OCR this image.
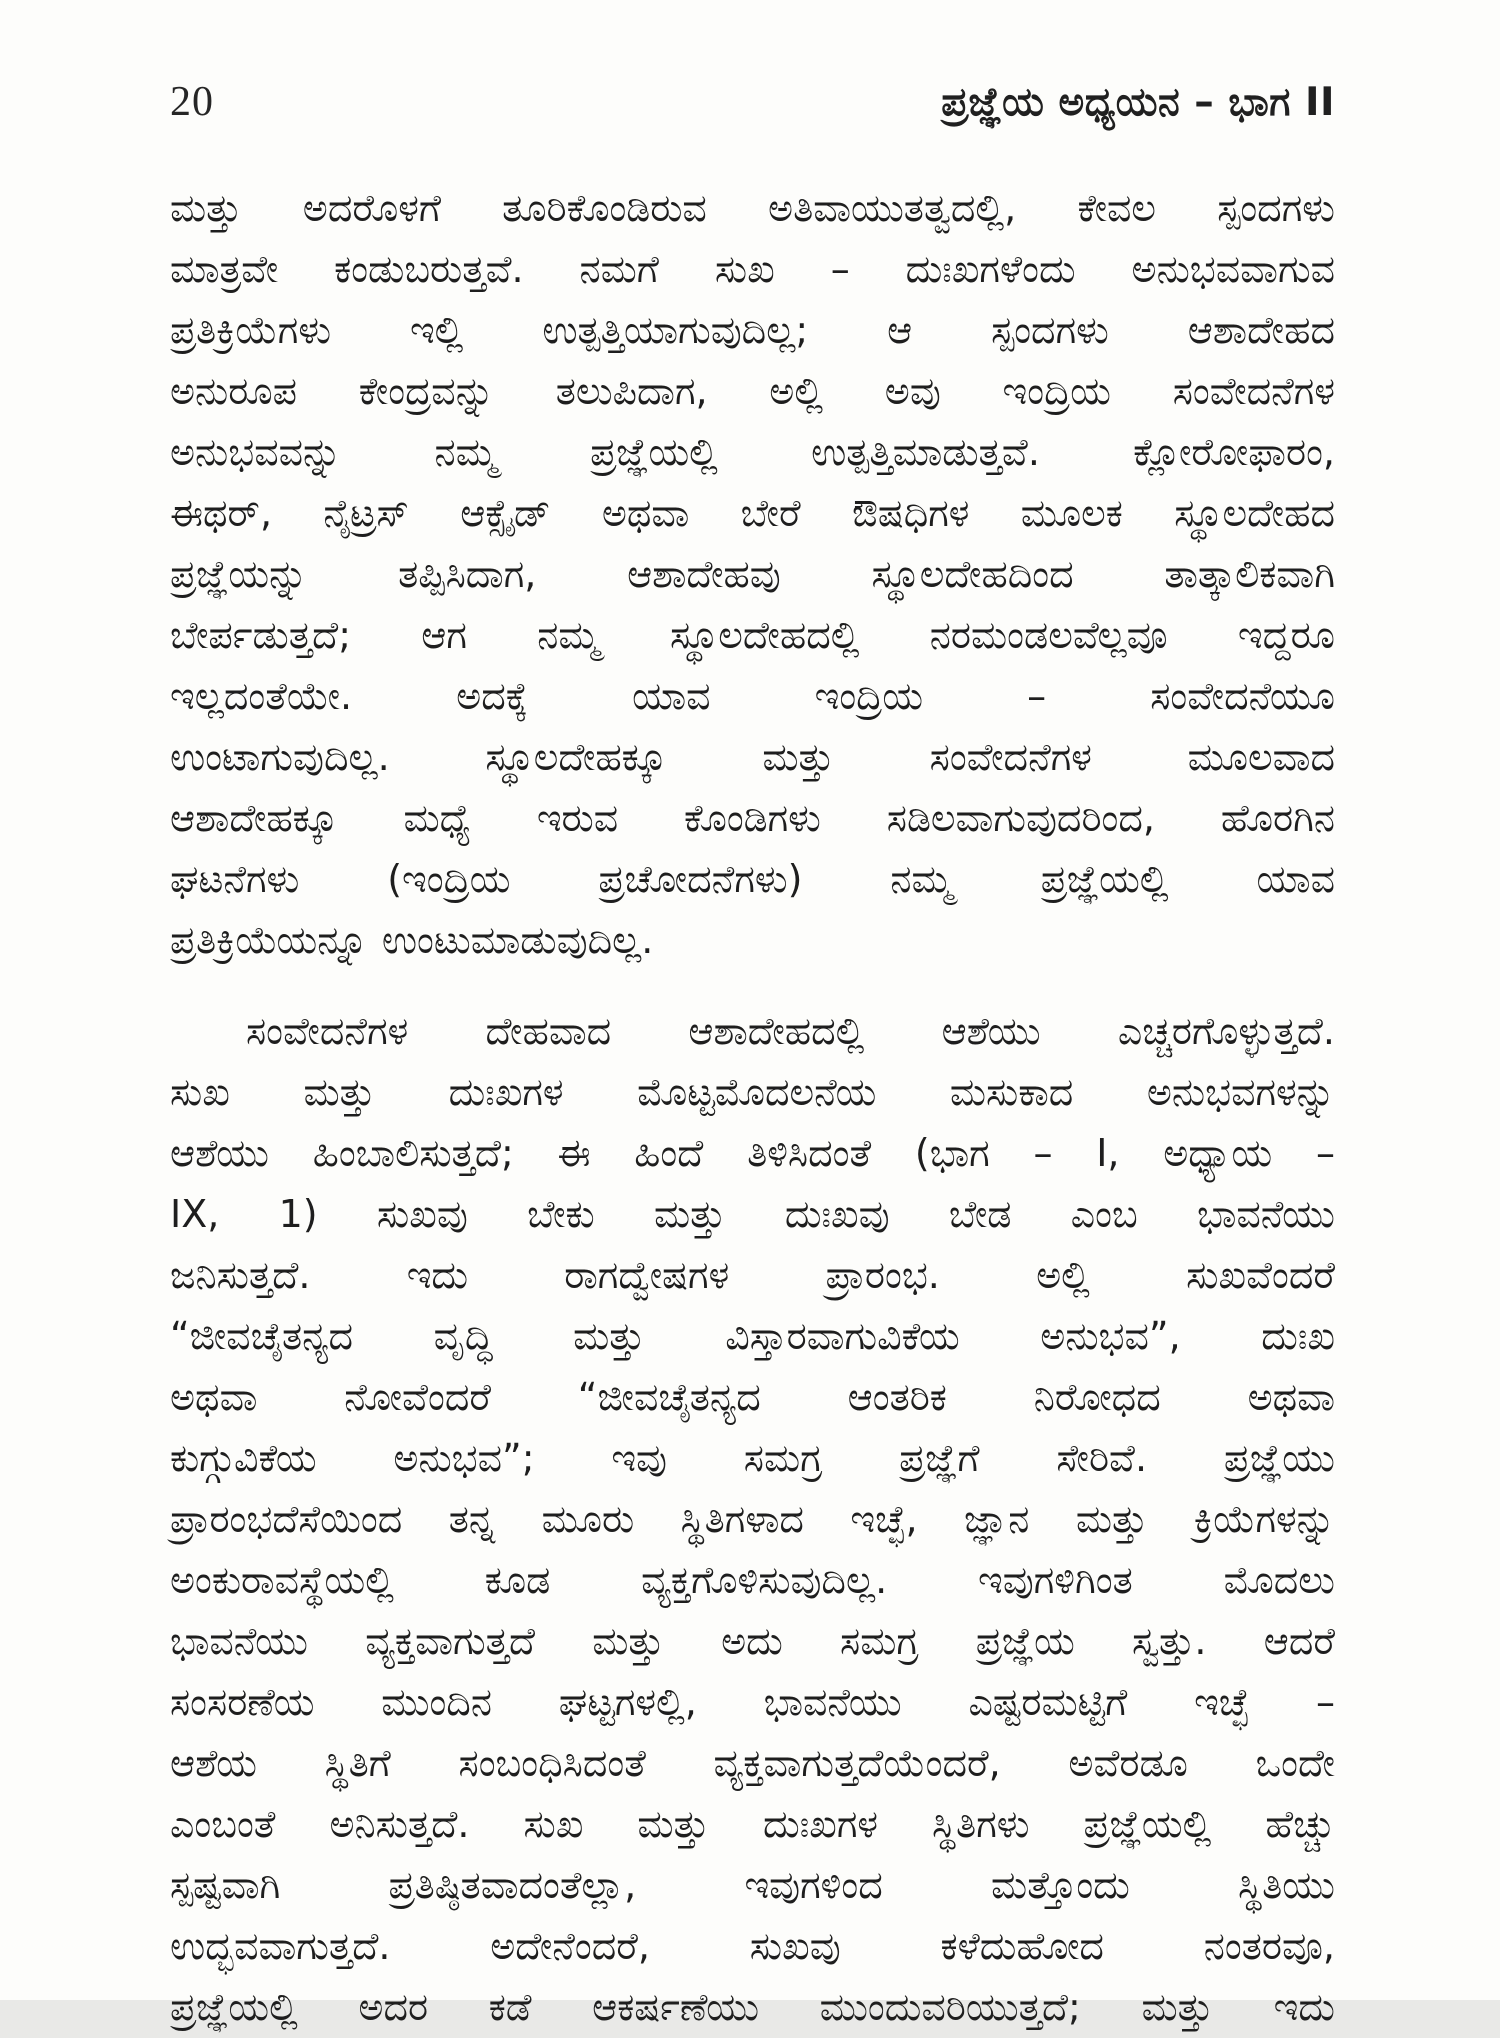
20	ಪ್ರಜ್ಞೆಯ ಅಧ್ಯಯನ – ಭಾಗ II
ಮತ್ತು ಅದರೊಳಗೆ ತೂರಿಕೊಂಡಿರುವ ಅತಿವಾಯುತತ್ವದಲ್ಲಿ, ಕೇವಲ ಸ್ಪಂದಗಳು
ಮಾತ್ರವೇ ಕಂಡುಬರುತ್ತವೆ. ನಮಗೆ ಸುಖ – ದುಃಖಗಳೆಂದು ಅನುಭವವಾಗುವ
ಪ್ರತಿಕ್ರಿಯೆಗಳು ಇಲ್ಲಿ ಉತ್ಪತ್ತಿಯಾಗುವುದಿಲ್ಲ; ಆ ಸ್ಪಂದಗಳು ಆಶಾದೇಹದ
ಅನುರೂಪ ಕೇಂದ್ರವನ್ನು ತಲುಪಿದಾಗ, ಅಲ್ಲಿ ಅವು ಇಂದ್ರಿಯ ಸಂವೇದನೆಗಳ
ಅನುಭವವನ್ನು ನಮ್ಮ ಪ್ರಜ್ಞೆಯಲ್ಲಿ ಉತ್ಪತ್ತಿಮಾಡುತ್ತವೆ. ಕ್ಲೋರೋಫಾರಂ,
ಈಥರ್, ನೈಟ್ರಸ್ ಆಕ್ಸೈಡ್ ಅಥವಾ ಬೇರೆ ಔಷಧಿಗಳ ಮೂಲಕ ಸ್ಥೂಲದೇಹದ
ಪ್ರಜ್ಞೆಯನ್ನು ತಪ್ಪಿಸಿದಾಗ, ಆಶಾದೇಹವು ಸ್ಥೂಲದೇಹದಿಂದ ತಾತ್ಕಾಲಿಕವಾಗಿ
ಬೇರ್ಪಡುತ್ತದೆ; ಆಗ ನಮ್ಮ ಸ್ಥೂಲದೇಹದಲ್ಲಿ ನರಮಂಡಲವೆಲ್ಲವೂ ಇದ್ದರೂ
ಇಲ್ಲದಂತೆಯೇ. ಅದಕ್ಕೆ ಯಾವ ಇಂದ್ರಿಯ – ಸಂವೇದನೆಯೂ
ಉಂಟಾಗುವುದಿಲ್ಲ. ಸ್ಥೂಲದೇಹಕ್ಕೂ ಮತ್ತು ಸಂವೇದನೆಗಳ ಮೂಲವಾದ
ಆಶಾದೇಹಕ್ಕೂ ಮಧ್ಯೆ ಇರುವ ಕೊಂಡಿಗಳು ಸಡಿಲವಾಗುವುದರಿಂದ, ಹೊರಗಿನ
ಘಟನೆಗಳು (ಇಂದ್ರಿಯ ಪ್ರಚೋದನೆಗಳು) ನಮ್ಮ ಪ್ರಜ್ಞೆಯಲ್ಲಿ ಯಾವ
ಪ್ರತಿಕ್ರಿಯೆಯನ್ನೂ ಉಂಟುಮಾಡುವುದಿಲ್ಲ.
ಸಂವೇದನೆಗಳ ದೇಹವಾದ ಆಶಾದೇಹದಲ್ಲಿ ಆಶೆಯು ಎಚ್ಚರಗೊಳ್ಳುತ್ತದೆ.
ಸುಖ ಮತ್ತು ದುಃಖಗಳ ಮೊಟ್ಟಮೊದಲನೆಯ ಮಸುಕಾದ ಅನುಭವಗಳನ್ನು
ಆಶೆಯು ಹಿಂಬಾಲಿಸುತ್ತದೆ; ಈ ಹಿಂದೆ ತಿಳಿಸಿದಂತೆ (ಭಾಗ – I, ಅಧ್ಯಾಯ –
IX, 1) ಸುಖವು ಬೇಕು ಮತ್ತು ದುಃಖವು ಬೇಡ ಎಂಬ ಭಾವನೆಯು
ಜನಿಸುತ್ತದೆ. ಇದು ರಾಗದ್ವೇಷಗಳ ಪ್ರಾರಂಭ. ಅಲ್ಲಿ ಸುಖವೆಂದರೆ
“ಜೀವಚೈತನ್ಯದ ವೃದ್ಧಿ ಮತ್ತು ವಿಸ್ತಾರವಾಗುವಿಕೆಯ ಅನುಭವ”, ದುಃಖ
ಅಥವಾ ನೋವೆಂದರೆ “ಜೀವಚೈತನ್ಯದ ಆಂತರಿಕ ನಿರೋಧದ ಅಥವಾ
ಕುಗ್ಗುವಿಕೆಯ ಅನುಭವ”; ಇವು ಸಮಗ್ರ ಪ್ರಜ್ಞೆಗೆ ಸೇರಿವೆ. ಪ್ರಜ್ಞೆಯು
ಪ್ರಾರಂಭದೆಸೆಯಿಂದ ತನ್ನ ಮೂರು ಸ್ಥಿತಿಗಳಾದ ಇಚ್ಛೆ, ಜ್ಞಾನ ಮತ್ತು ಕ್ರಿಯೆಗಳನ್ನು
ಅಂಕುರಾವಸ್ಥೆಯಲ್ಲಿ ಕೂಡ ವ್ಯಕ್ತಗೊಳಿಸುವುದಿಲ್ಲ. ಇವುಗಳಿಗಿಂತ ಮೊದಲು
ಭಾವನೆಯು ವ್ಯಕ್ತವಾಗುತ್ತದೆ ಮತ್ತು ಅದು ಸಮಗ್ರ ಪ್ರಜ್ಞೆಯ ಸ್ವತ್ತು. ಆದರೆ
ಸಂಸರಣೆಯ ಮುಂದಿನ ಘಟ್ಟಗಳಲ್ಲಿ, ಭಾವನೆಯು ಎಷ್ಟರಮಟ್ಟಿಗೆ ಇಚ್ಛೆ –
ಆಶೆಯ ಸ್ಥಿತಿಗೆ ಸಂಬಂಧಿಸಿದಂತೆ ವ್ಯಕ್ತವಾಗುತ್ತದೆಯೆಂದರೆ, ಅವೆರಡೂ ಒಂದೇ
ಎಂಬಂತೆ ಅನಿಸುತ್ತದೆ. ಸುಖ ಮತ್ತು ದುಃಖಗಳ ಸ್ಥಿತಿಗಳು ಪ್ರಜ್ಞೆಯಲ್ಲಿ ಹೆಚ್ಚು
ಸ್ಪಷ್ಟವಾಗಿ ಪ್ರತಿಷ್ಠಿತವಾದಂತೆಲ್ಲಾ, ಇವುಗಳಿಂದ ಮತ್ತೊಂದು ಸ್ಥಿತಿಯು
ಉದ್ಭವವಾಗುತ್ತದೆ. ಅದೇನೆಂದರೆ, ಸುಖವು ಕಳೆದುಹೋದ ನಂತರವೂ,
ಪ್ರಜ್ಞೆಯಲ್ಲಿ ಅದರ ಕಡೆ ಆಕರ್ಷಣೆಯು ಮುಂದುವರಿಯುತ್ತದೆ; ಮತ್ತು ಇದು
